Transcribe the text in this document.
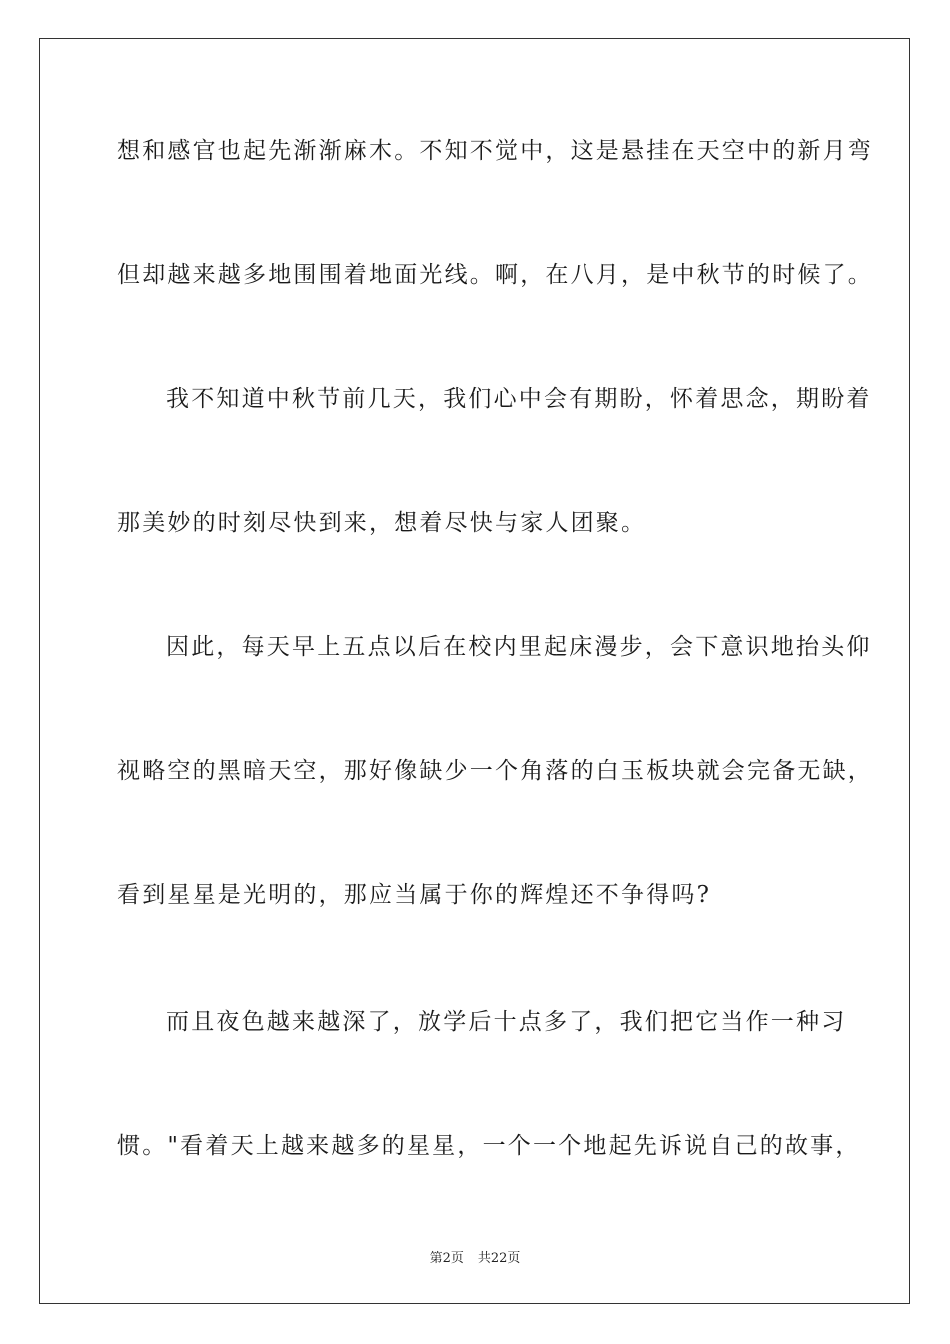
想和感官也起先渐渐麻木。不知不觉中，这是悬挂在天空中的新月弯
但却越来越多地围围着地面光线。啊，在八月，是中秋节的时候了。
我不知道中秋节前几天，我们心中会有期盼，怀着思念，期盼着
那美妙的时刻尽快到来，想着尽快与家人团聚。
因此，每天早上五点以后在校内里起床漫步，会下意识地抬头仰
视略空的黑暗天空，那好像缺少一个角落的白玉板块就会完备无缺，
看到星星是光明的，那应当属于你的辉煌还不争得吗?
而且夜色越来越深了，放学后十点多了，我们把它当作一种习
惯。"看着天上越来越多的星星，一个一个地起先诉说自己的故事，
第2页 共22页
